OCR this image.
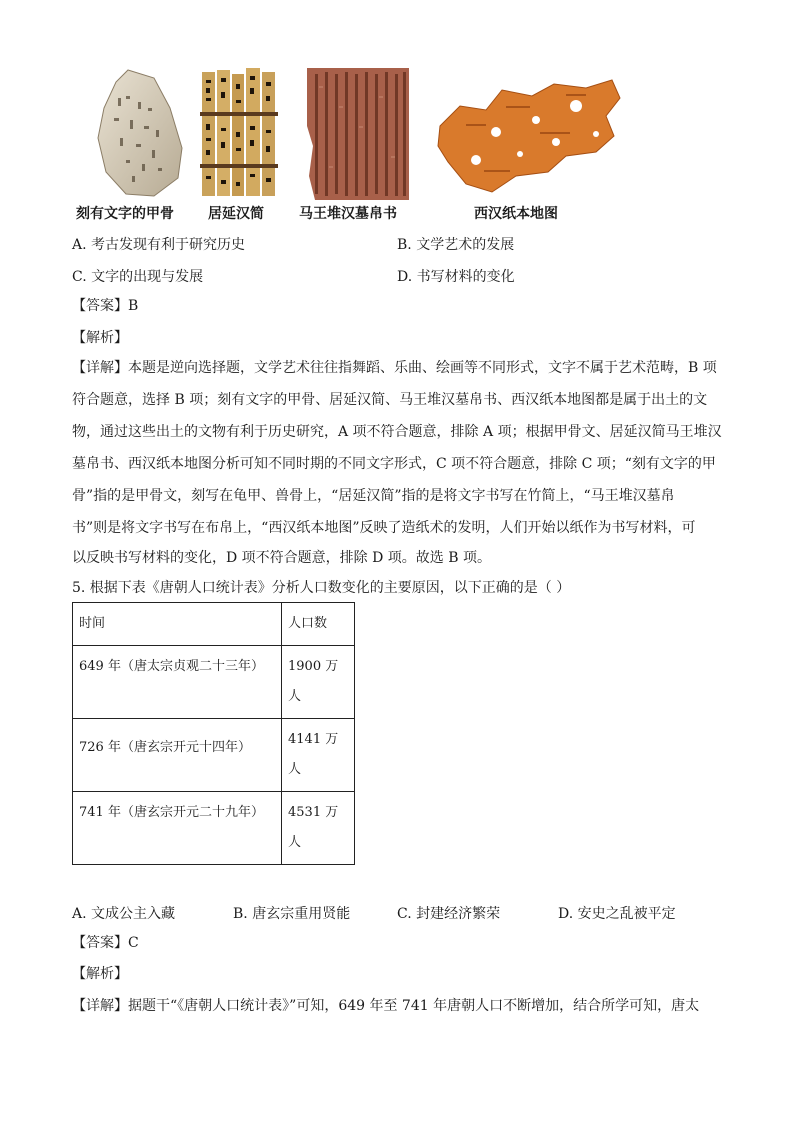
刻有文字的甲骨 居延汉简	马王堆汉墓帛书	西汉纸本地图
A. 考古发现有利于研究历史	B. 文学艺术的发展
C. 文字的出现与发展	D. 书写材料的变化
【答案】B
【解析】
【详解】本题是逆向选择题，文学艺术往往指舞蹈、乐曲、绘画等不同形式，文字不属于艺术范畴，B 项
符合题意，选择 B 项；刻有文字的甲骨、居延汉简、马王堆汉墓帛书、西汉纸本地图都是属于出土的文
物，通过这些出土的文物有利于历史研究，A 项不符合题意，排除 A 项；根据甲骨文、居延汉简马王堆汉
墓帛书、西汉纸本地图分析可知不同时期的不同文字形式，C 项不符合题意，排除 C 项；“刻有文字的甲
骨”指的是甲骨文，刻写在龟甲、兽骨上，“居延汉简”指的是将文字书写在竹简上，“马王堆汉墓帛
书”则是将文字书写在布帛上，“西汉纸本地图”反映了造纸术的发明，人们开始以纸作为书写材料，可
以反映书写材料的变化，D 项不符合题意，排除 D 项。故选 B 项。
5. 根据下表《唐朝人口统计表》分析人口数变化的主要原因，以下正确的是（ ）
时间	人口数
649 年（唐太宗贞观二十三年）	1900 万人
726 年（唐玄宗开元十四年）	4141 万人
741 年（唐玄宗开元二十九年）	4531 万人
A. 文成公主入藏	B. 唐玄宗重用贤能	C. 封建经济繁荣	D. 安史之乱被平定
【答案】C
【解析】
【详解】据题干“《唐朝人口统计表》”可知，649 年至 741 年唐朝人口不断增加，结合所学可知，唐太
